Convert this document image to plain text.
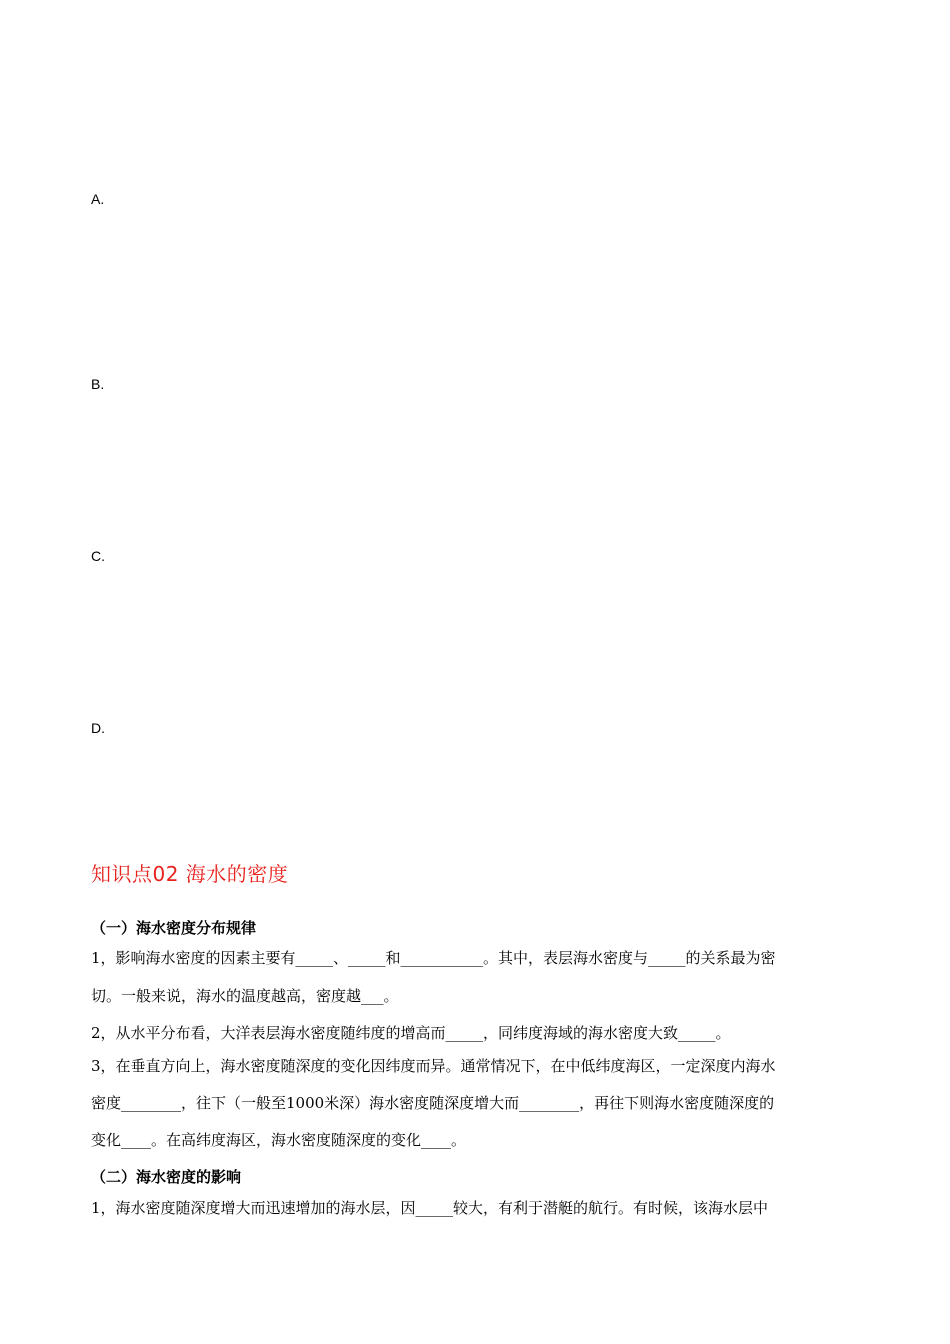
A.
B.
C.
D.
知识点02 海水的密度
（一）海水密度分布规律
1，影响海水密度的因素主要有_____、_____和___________。其中，表层海水密度与_____的关系最为密
切。一般来说，海水的温度越高，密度越___。
2，从水平分布看，大洋表层海水密度随纬度的增高而_____，同纬度海域的海水密度大致_____。
3，在垂直方向上，海水密度随深度的变化因纬度而异。通常情况下，在中低纬度海区，一定深度内海水
密度________，往下（一般至1000米深）海水密度随深度增大而________，再往下则海水密度随深度的
变化____。在高纬度海区，海水密度随深度的变化____。
（二）海水密度的影响
1，海水密度随深度增大而迅速增加的海水层，因_____较大，有利于潜艇的航行。有时候，该海水层中
